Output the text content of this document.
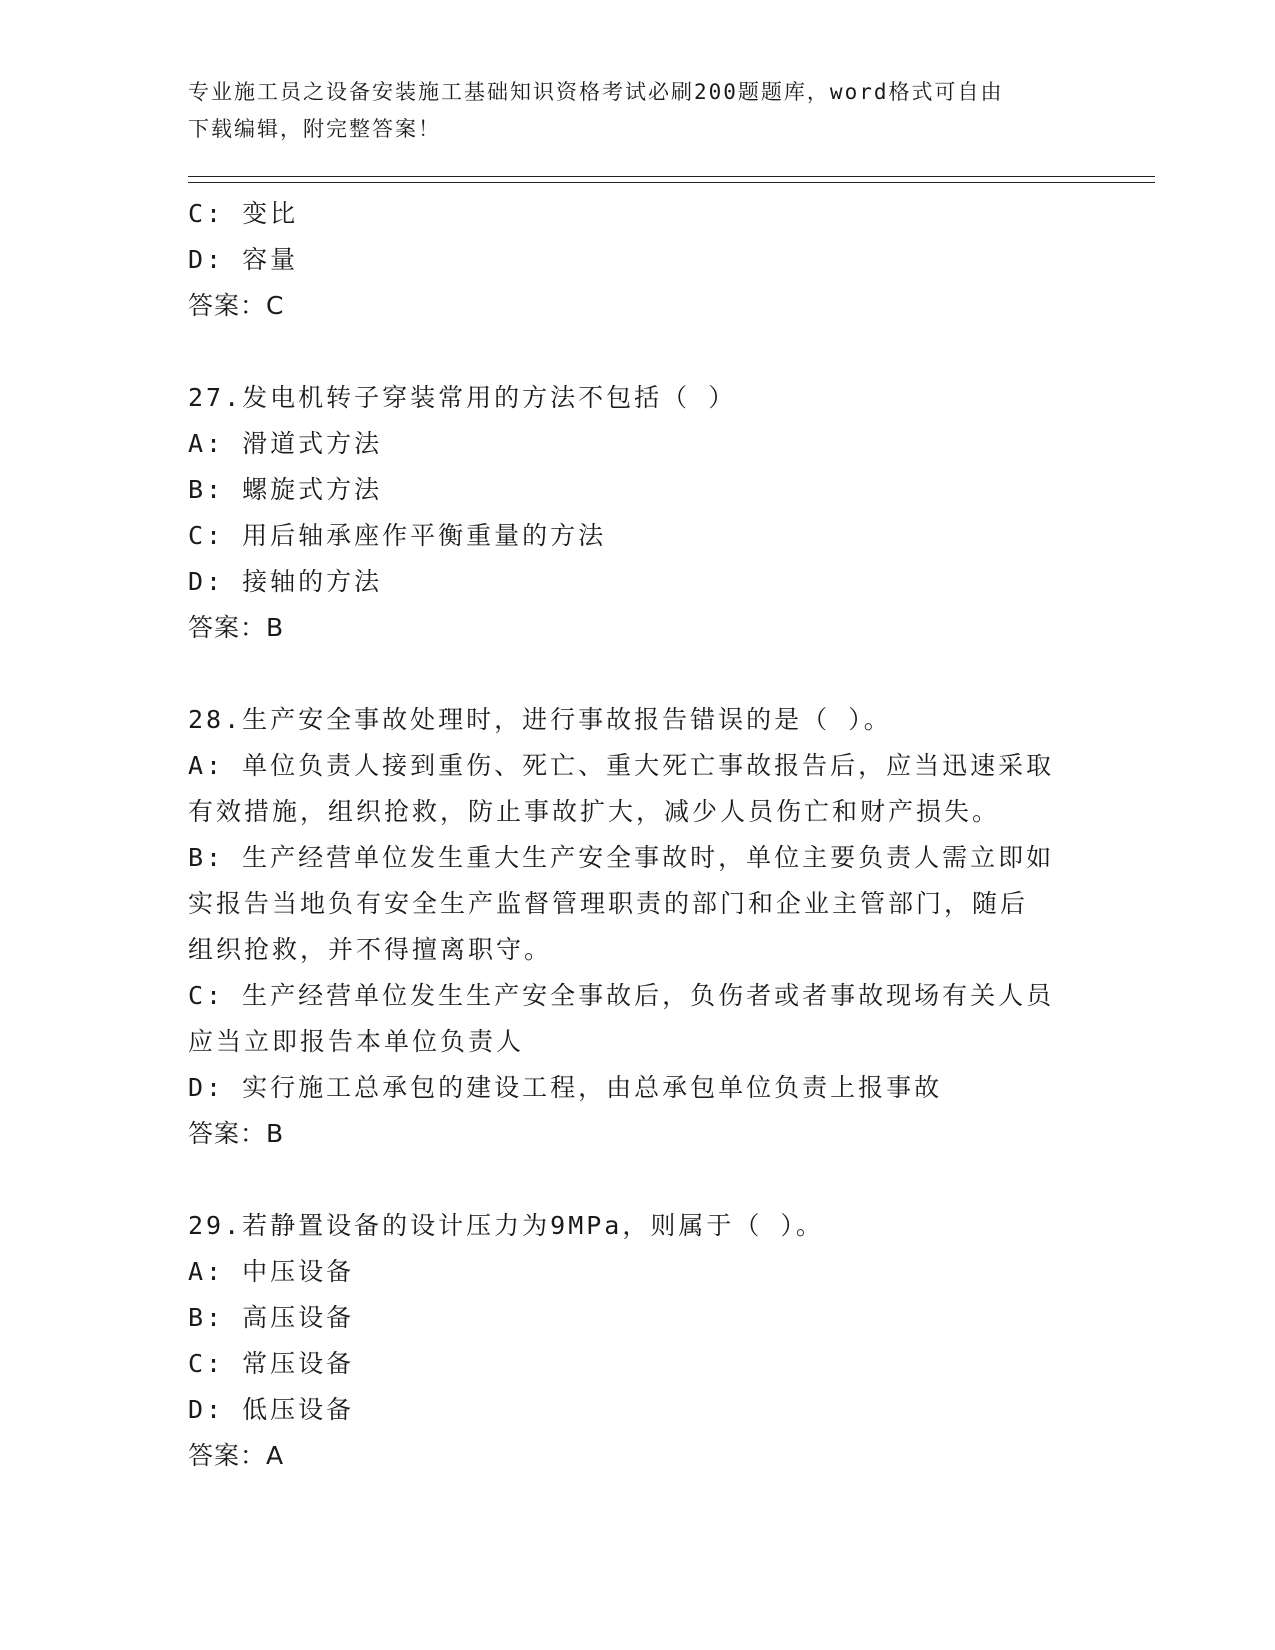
专业施工员之设备安装施工基础知识资格考试必刷200题题库，word格式可自由
下载编辑，附完整答案！
C: 变比
D: 容量
答案：C
27.发电机转子穿装常用的方法不包括（ ）
A: 滑道式方法
B: 螺旋式方法
C: 用后轴承座作平衡重量的方法
D: 接轴的方法
答案：B
28.生产安全事故处理时，进行事故报告错误的是（ ）。
A: 单位负责人接到重伤、死亡、重大死亡事故报告后，应当迅速采取
有效措施，组织抢救，防止事故扩大，减少人员伤亡和财产损失。
B: 生产经营单位发生重大生产安全事故时，单位主要负责人需立即如
实报告当地负有安全生产监督管理职责的部门和企业主管部门，随后
组织抢救，并不得擅离职守。
C: 生产经营单位发生生产安全事故后，负伤者或者事故现场有关人员
应当立即报告本单位负责人
D: 实行施工总承包的建设工程，由总承包单位负责上报事故
答案：B
29.若静置设备的设计压力为9MPa，则属于（ ）。
A: 中压设备
B: 高压设备
C: 常压设备
D: 低压设备
答案：A
